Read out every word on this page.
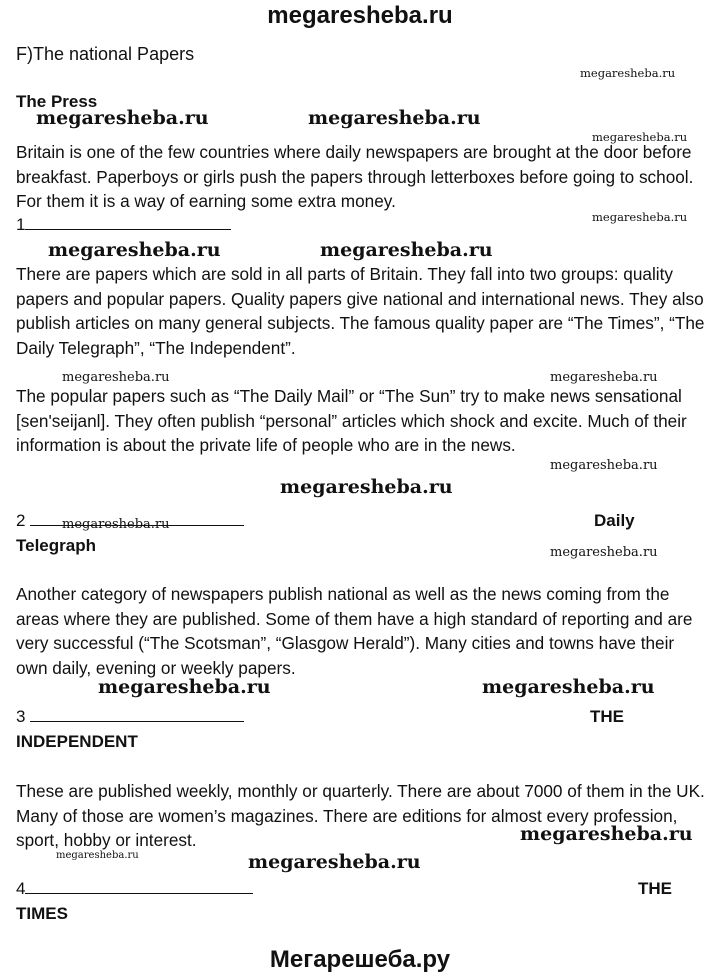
megaresheba.ru
F)The national Papers
megaresheba.ru
The Press
megaresheba.ru	megaresheba.ru
megaresheba.ru
Britain is one of the few countries where daily newspapers are brought at the door before breakfast. Paperboys or girls push the papers through letterboxes before going to school. For them it is a way of earning some extra money.
megaresheba.ru
1
megaresheba.ru	megaresheba.ru
There are papers which are sold in all parts of Britain. They fall into two groups: quality papers and popular papers. Quality papers give national and international news. They also publish articles on many general subjects. The famous quality paper are “The Times”, “The Daily Telegraph”, “The Independent”.
megaresheba.ru	megaresheba.ru
The popular papers such as “The Daily Mail” or “The Sun” try to make news sensational [sen'seijanl]. They often publish “personal” articles which shock and excite. Much of their information is about the private life of people who are in the news.
megaresheba.ru
megaresheba.ru
2	megaresheba.ru	Daily
Telegraph	megaresheba.ru
Another category of newspapers publish national as well as the news coming from the areas where they are published. Some of them have a high standard of reporting and are very successful (“The Scotsman”, “Glasgow Herald”). Many cities and towns have their own daily, evening or weekly papers.
megaresheba.ru	megaresheba.ru
3	THE
INDEPENDENT
These are published weekly, monthly or quarterly. There are about 7000 of them in the UK. Many of those are women’s magazines. There are editions for almost every profession, sport, hobby or interest.	megaresheba.ru
megaresheba.ru	megaresheba.ru
4	THE
TIMES
Мегарешеба.ру
